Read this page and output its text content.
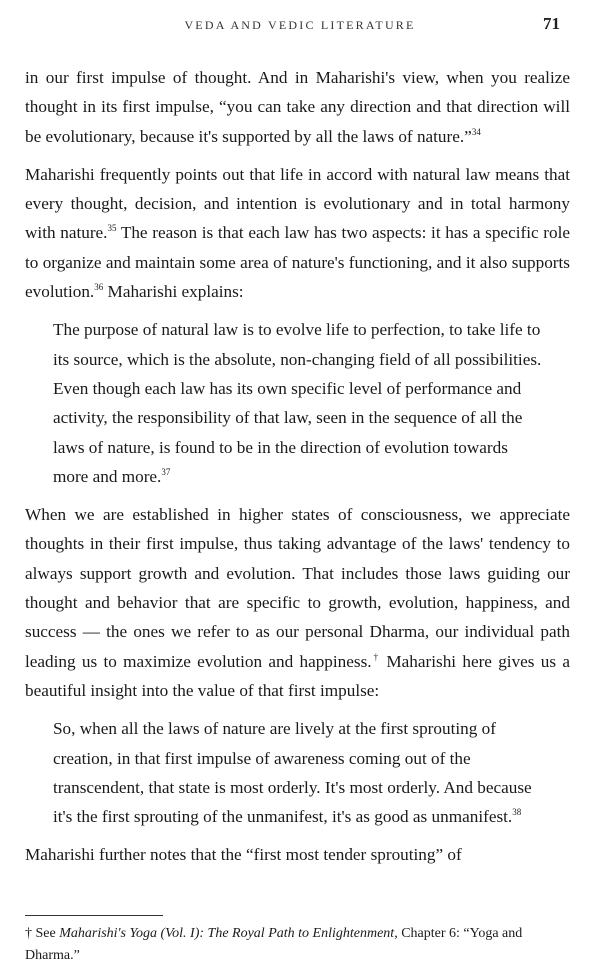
VEDA AND VEDIC LITERATURE	71

in our first impulse of thought. And in Maharishi's view, when you realize thought in its first impulse, “you can take any direction and that direction will be evolutionary, because it's supported by all the laws of nature.”$^{34}$

Maharishi frequently points out that life in accord with natural law means that every thought, decision, and intention is evolutionary and in total harmony with nature.$^{35}$ The reason is that each law has two aspects: it has a specific role to organize and maintain some area of nature's functioning, and it also supports evolution.$^{36}$ Maharishi explains:

The purpose of natural law is to evolve life to perfection, to take life to its source, which is the absolute, non-changing field of all possibilities. Even though each law has its own specific level of performance and activity, the responsibility of that law, seen in the sequence of all the laws of nature, is found to be in the direction of evolution towards more and more.$^{37}$

When we are established in higher states of consciousness, we appreciate thoughts in their first impulse, thus taking advantage of the laws' tendency to always support growth and evolution. That includes those laws guiding our thought and behavior that are specific to growth, evolution, happiness, and success — the ones we refer to as our personal Dharma, our individual path leading us to maximize evolution and happiness.† Maharishi here gives us a beautiful insight into the value of that first impulse:

So, when all the laws of nature are lively at the first sprouting of creation, in that first impulse of awareness coming out of the transcendent, that state is most orderly. It's most orderly. And because it's the first sprouting of the unmanifest, it's as good as unmanifest.$^{38}$

Maharishi further notes that the “first most tender sprouting” of

† See Maharishi's Yoga (Vol. I): The Royal Path to Enlightenment, Chapter 6: “Yoga and Dharma.”
